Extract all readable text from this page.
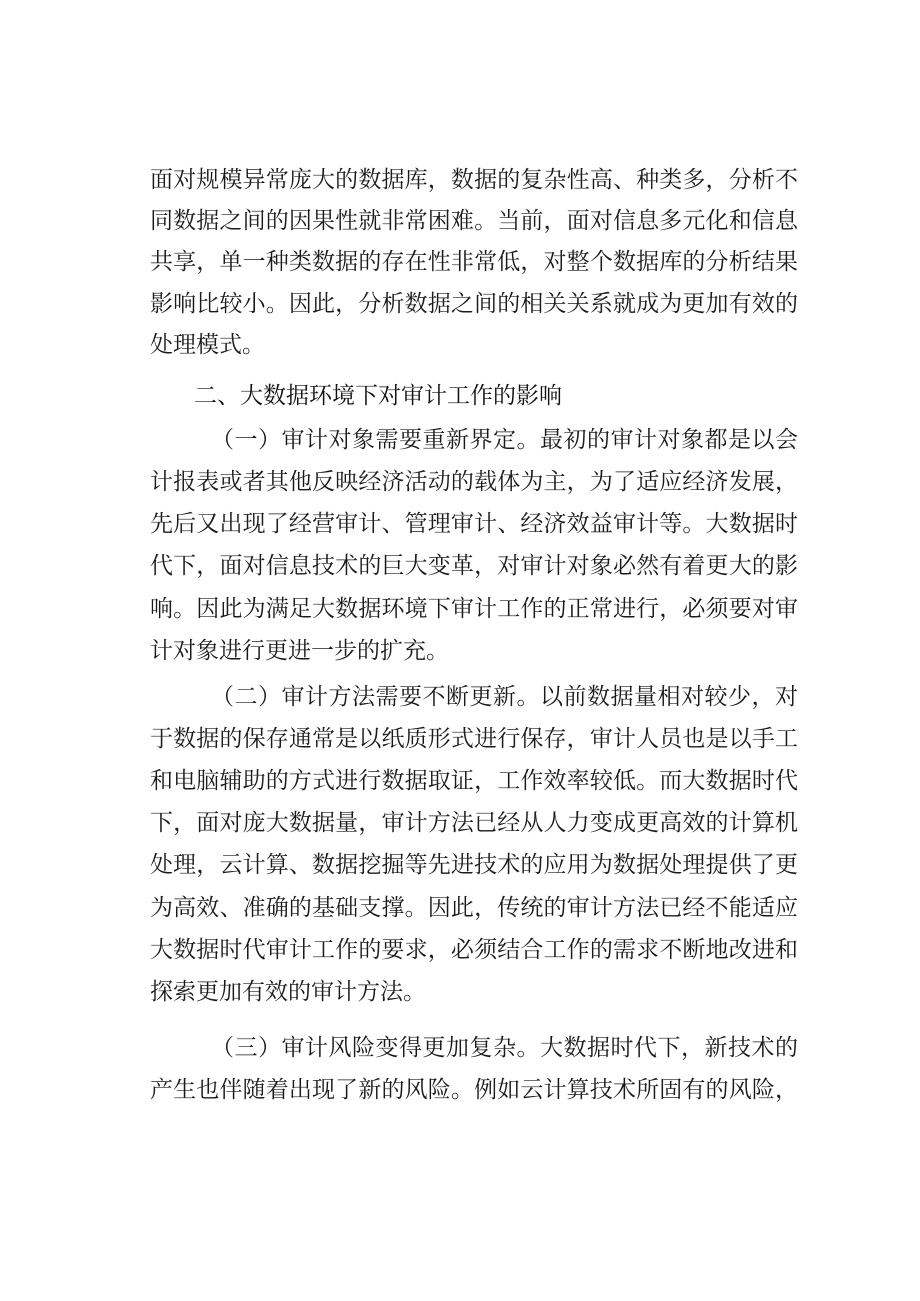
面对规模异常庞大的数据库，数据的复杂性高、种类多，分析不
同数据之间的因果性就非常困难。当前，面对信息多元化和信息
共享，单一种类数据的存在性非常低，对整个数据库的分析结果
影响比较小。因此，分析数据之间的相关关系就成为更加有效的
处理模式。
二、大数据环境下对审计工作的影响
（一）审计对象需要重新界定。最初的审计对象都是以会
计报表或者其他反映经济活动的载体为主，为了适应经济发展，
先后又出现了经营审计、管理审计、经济效益审计等。大数据时
代下，面对信息技术的巨大变革，对审计对象必然有着更大的影
响。因此为满足大数据环境下审计工作的正常进行，必须要对审
计对象进行更进一步的扩充。
（二）审计方法需要不断更新。以前数据量相对较少，对
于数据的保存通常是以纸质形式进行保存，审计人员也是以手工
和电脑辅助的方式进行数据取证，工作效率较低。而大数据时代
下，面对庞大数据量，审计方法已经从人力变成更高效的计算机
处理，云计算、数据挖掘等先进技术的应用为数据处理提供了更
为高效、准确的基础支撑。因此，传统的审计方法已经不能适应
大数据时代审计工作的要求，必须结合工作的需求不断地改进和
探索更加有效的审计方法。
（三）审计风险变得更加复杂。大数据时代下，新技术的
产生也伴随着出现了新的风险。例如云计算技术所固有的风险，
